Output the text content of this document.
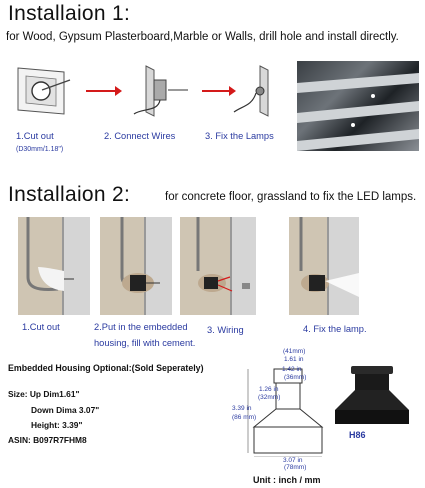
Installaion 1:
for Wood, Gypsum Plasterboard,Marble or Walls, drill hole and install directly.
1.Cut out
(D30mm/1.18")
2. Connect Wires	3. Fix the Lamps
Installaion 2:	for concrete floor, grassland to fix the LED lamps.
1.Cut out	2.Put in the embedded
housing, fill with cement.
3. Wiring	4. Fix the lamp.
Embedded Housing Optional:(Sold Seperately)
Size: Up Dim1.61"
Down Dima 3.07"
Height: 3.39"
ASIN: B097R7FHM8
(41mm)
1.61 in
1.42 in
(36mm)
1.26 in
(32mm)
3.39 in
(86 mm)
3.07 in
(78mm)
H86
Unit : inch / mm
